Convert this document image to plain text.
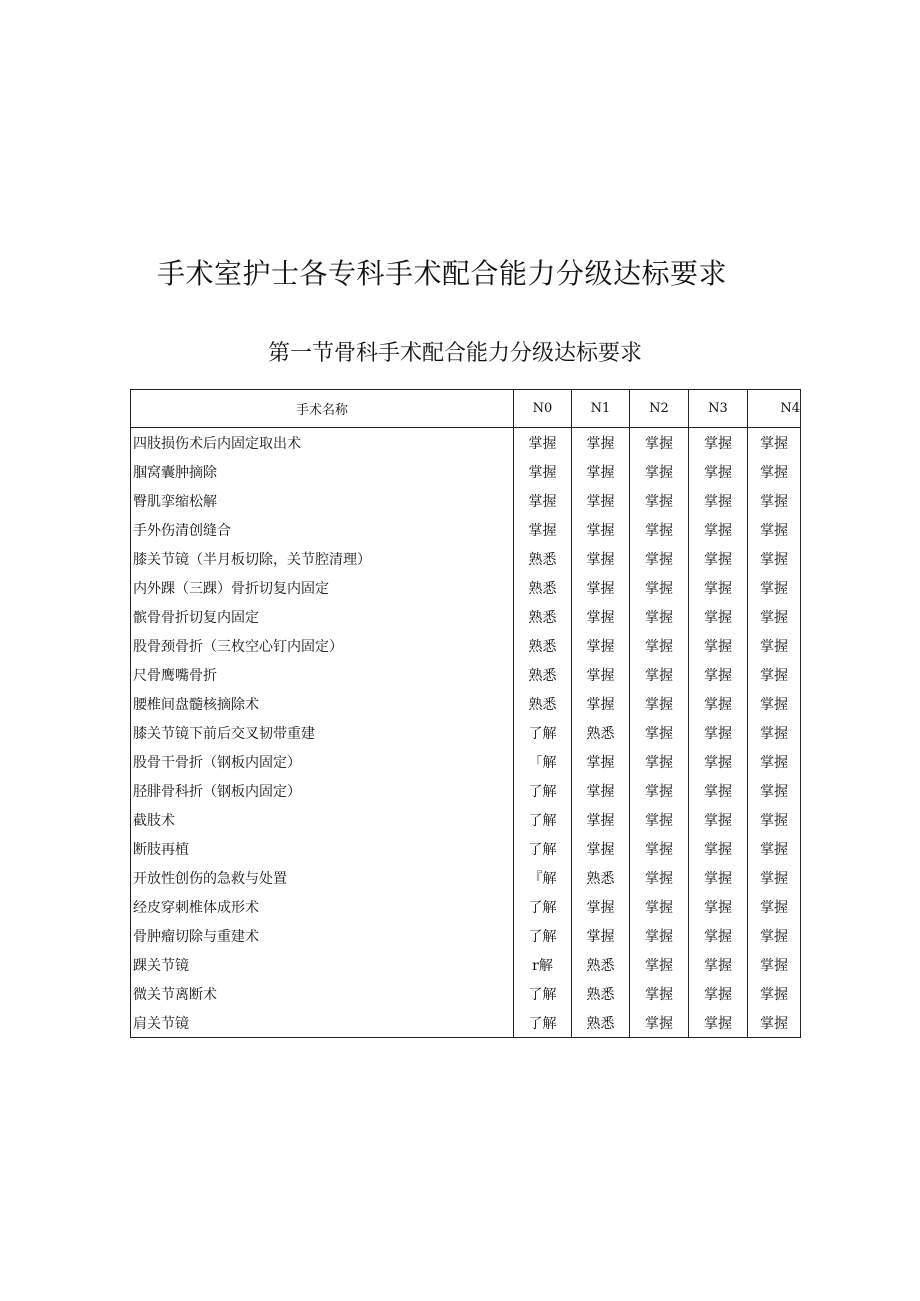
手术室护士各专科手术配合能力分级达标要求
第一节骨科手术配合能力分级达标要求
手术名称	N0	N1	N2	N3	N4
四肢损伤术后内固定取出术	掌握	掌握	掌握	掌握	掌握
腘窝囊肿摘除	掌握	掌握	掌握	掌握	掌握
臀肌挛缩松解	掌握	掌握	掌握	掌握	掌握
手外伤清创缝合	掌握	掌握	掌握	掌握	掌握
膝关节镜（半月板切除，关节腔清理）	熟悉	掌握	掌握	掌握	掌握
内外踝（三踝）骨折切复内固定	熟悉	掌握	掌握	掌握	掌握
髌骨骨折切复内固定	熟悉	掌握	掌握	掌握	掌握
股骨颈骨折（三枚空心钉内固定）	熟悉	掌握	掌握	掌握	掌握
尺骨鹰嘴骨折	熟悉	掌握	掌握	掌握	掌握
腰椎间盘髓核摘除术	熟悉	掌握	掌握	掌握	掌握
膝关节镜下前后交叉韧带重建	了解	熟悉	掌握	掌握	掌握
股骨干骨折（钢板内固定）	「解	掌握	掌握	掌握	掌握
胫腓骨科折（钢板内固定）	了解	掌握	掌握	掌握	掌握
截肢术	了解	掌握	掌握	掌握	掌握
断肢再植	了解	掌握	掌握	掌握	掌握
开放性创伤的急救与处置	『解	熟悉	掌握	掌握	掌握
经皮穿刺椎体成形术	了解	掌握	掌握	掌握	掌握
骨肿瘤切除与重建术	了解	掌握	掌握	掌握	掌握
踝关节镜	r解	熟悉	掌握	掌握	掌握
微关节离断术	了解	熟悉	掌握	掌握	掌握
肩关节镜	了解	熟悉	掌握	掌握	掌握
